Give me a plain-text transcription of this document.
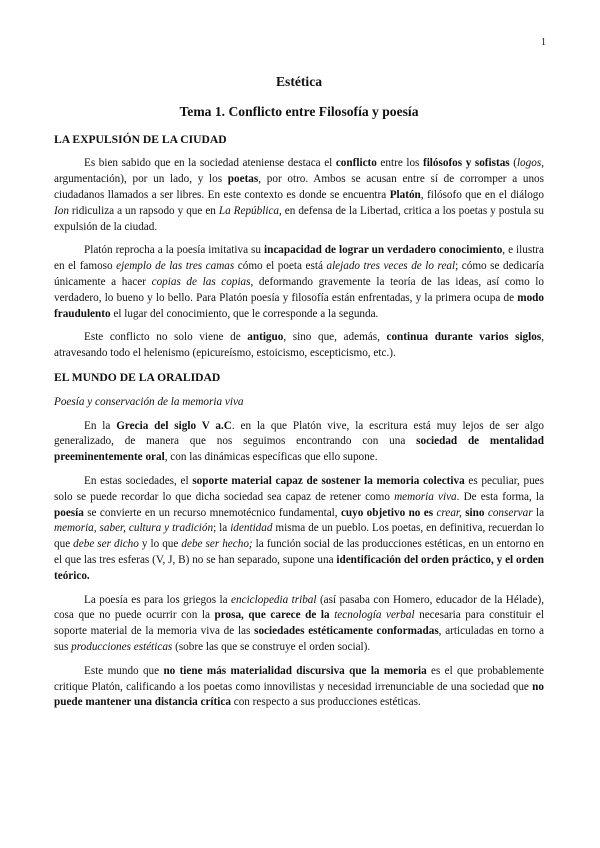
1
Estética
Tema 1. Conflicto entre Filosofía y poesía
LA EXPULSIÓN DE LA CIUDAD

Es bien sabido que en la sociedad ateniense destaca el conflicto entre los filósofos y sofistas (logos, argumentación), por un lado, y los poetas, por otro. Ambos se acusan entre sí de corromper a unos ciudadanos llamados a ser libres. En este contexto es donde se encuentra Platón, filósofo que en el diálogo Ion ridiculiza a un rapsodo y que en La República, en defensa de la Libertad, critica a los poetas y postula su expulsión de la ciudad.

Platón reprocha a la poesía imitativa su incapacidad de lograr un verdadero conocimiento, e ilustra en el famoso ejemplo de las tres camas cómo el poeta está alejado tres veces de lo real; cómo se dedicaría únicamente a hacer copias de las copias, deformando gravemente la teoría de las ideas, así como lo verdadero, lo bueno y lo bello. Para Platón poesía y filosofía están enfrentadas, y la primera ocupa de modo fraudulento el lugar del conocimiento, que le corresponde a la segunda.

Este conflicto no solo viene de antiguo, sino que, además, continua durante varios siglos, atravesando todo el helenismo (epicureísmo, estoicismo, escepticismo, etc.).

EL MUNDO DE LA ORALIDAD
Poesía y conservación de la memoria viva

En la Grecia del siglo V a.C. en la que Platón vive, la escritura está muy lejos de ser algo generalizado, de manera que nos seguimos encontrando con una sociedad de mentalidad preeminentemente oral, con las dinámicas específicas que ello supone.

En estas sociedades, el soporte material capaz de sostener la memoria colectiva es peculiar, pues solo se puede recordar lo que dicha sociedad sea capaz de retener como memoria viva. De esta forma, la poesía se convierte en un recurso mnemotécnico fundamental, cuyo objetivo no es crear, sino conservar la memoria, saber, cultura y tradición; la identidad misma de un pueblo. Los poetas, en definitiva, recuerdan lo que debe ser dicho y lo que debe ser hecho; la función social de las producciones estéticas, en un entorno en el que las tres esferas (V, J, B) no se han separado, supone una identificación del orden práctico, y el orden teórico.

La poesía es para los griegos la enciclopedia tribal (así pasaba con Homero, educador de la Hélade), cosa que no puede ocurrir con la prosa, que carece de la tecnología verbal necesaria para constituir el soporte material de la memoria viva de las sociedades estéticamente conformadas, articuladas en torno a sus producciones estéticas (sobre las que se construye el orden social).

Este mundo que no tiene más materialidad discursiva que la memoria es el que probablemente critique Platón, calificando a los poetas como innovilistas y necesidad irrenunciable de una sociedad que no puede mantener una distancia crítica con respecto a sus producciones estéticas.
